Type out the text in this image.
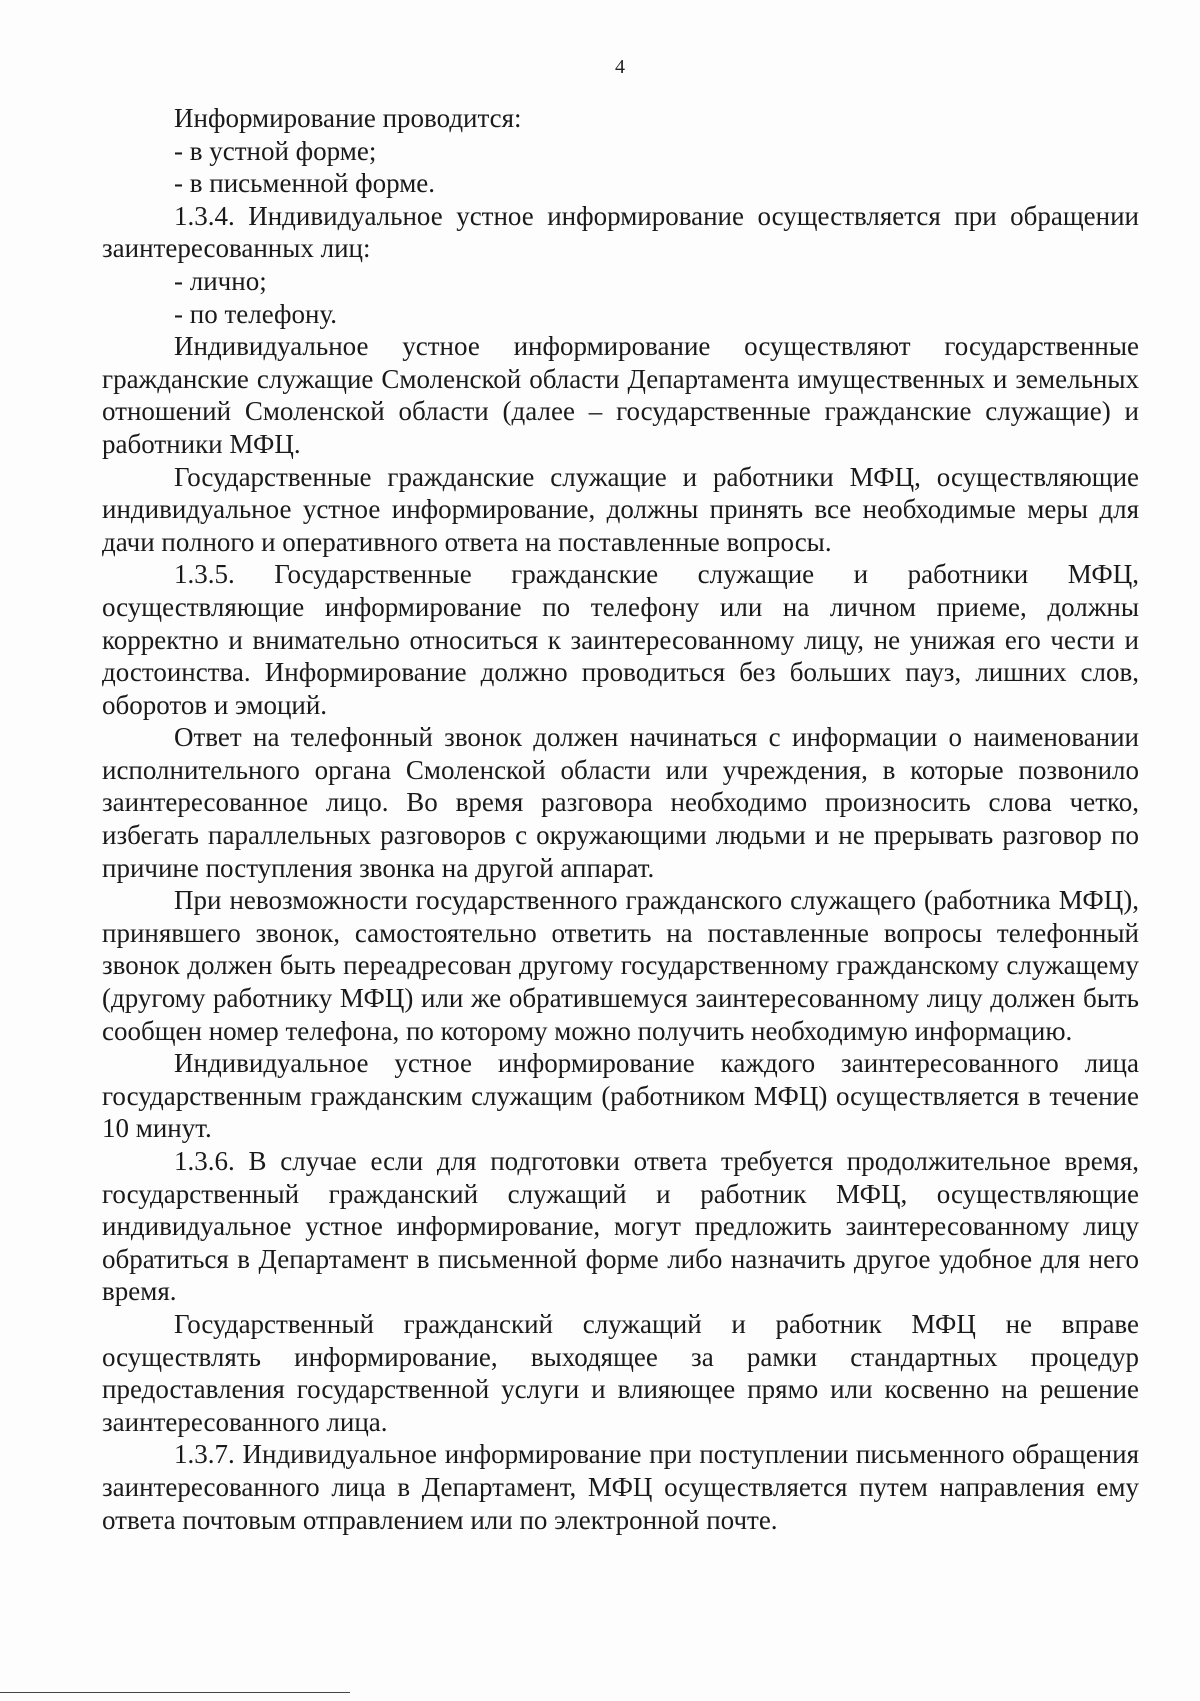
4

Информирование проводится:

- в устной форме;

- в письменной форме.

1.3.4. Индивидуальное устное информирование осуществляется при обращении заинтересованных лиц:

- лично;

- по телефону.

Индивидуальное устное информирование осуществляют государственные гражданские служащие Смоленской области Департамента имущественных и земельных отношений Смоленской области (далее – государственные гражданские служащие) и работники МФЦ.

Государственные гражданские служащие и работники МФЦ, осуществляющие индивидуальное устное информирование, должны принять все необходимые меры для дачи полного и оперативного ответа на поставленные вопросы.

1.3.5. Государственные гражданские служащие и работники МФЦ, осуществляющие информирование по телефону или на личном приеме, должны корректно и внимательно относиться к заинтересованному лицу, не унижая его чести и достоинства. Информирование должно проводиться без больших пауз, лишних слов, оборотов и эмоций.

Ответ на телефонный звонок должен начинаться с информации о наименовании исполнительного органа Смоленской области или учреждения, в которые позвонило заинтересованное лицо. Во время разговора необходимо произносить слова четко, избегать параллельных разговоров с окружающими людьми и не прерывать разговор по причине поступления звонка на другой аппарат.

При невозможности государственного гражданского служащего (работника МФЦ), принявшего звонок, самостоятельно ответить на поставленные вопросы телефонный звонок должен быть переадресован другому государственному гражданскому служащему (другому работнику МФЦ) или же обратившемуся заинтересованному лицу должен быть сообщен номер телефона, по которому можно получить необходимую информацию.

Индивидуальное устное информирование каждого заинтересованного лица государственным гражданским служащим (работником МФЦ) осуществляется в течение 10 минут.

1.3.6. В случае если для подготовки ответа требуется продолжительное время, государственный гражданский служащий и работник МФЦ, осуществляющие индивидуальное устное информирование, могут предложить заинтересованному лицу обратиться в Департамент в письменной форме либо назначить другое удобное для него время.

Государственный гражданский служащий и работник МФЦ не вправе осуществлять информирование, выходящее за рамки стандартных процедур предоставления государственной услуги и влияющее прямо или косвенно на решение заинтересованного лица.

1.3.7. Индивидуальное информирование при поступлении письменного обращения заинтересованного лица в Департамент, МФЦ осуществляется путем направления ему ответа почтовым отправлением или по электронной почте.
